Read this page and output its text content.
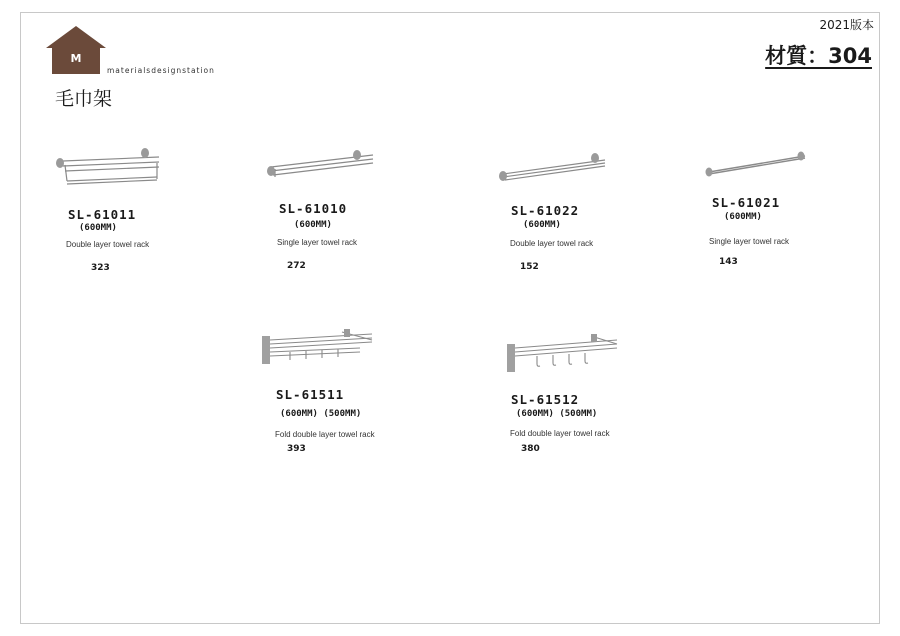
M
materialsdesignstation
毛巾架
2021版本
材質：304
SL-61011
(600MM)
Double layer towel rack
323
SL-61010
(600MM)
Single layer towel rack
272
SL-61022
(600MM)
Double layer towel rack
152
SL-61021
(600MM)
Single layer towel rack
143
SL-61511
(600MM) (500MM)
Fold double layer towel rack
393
SL-61512
(600MM) (500MM)
Fold double layer towel rack
380
